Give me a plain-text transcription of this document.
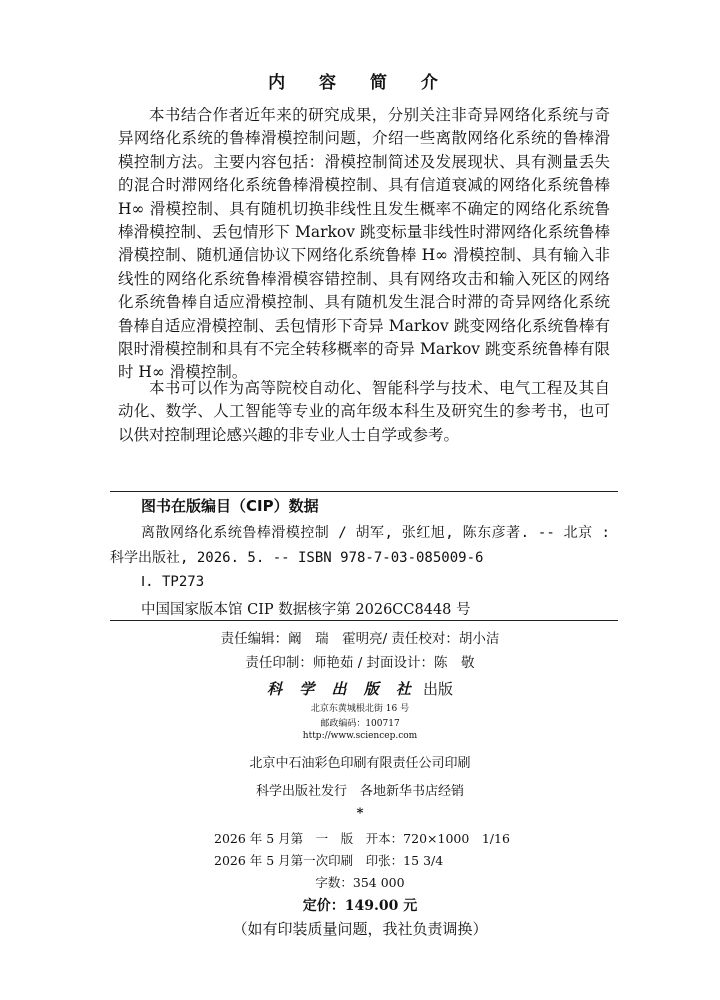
内 容 简 介
本书结合作者近年来的研究成果，分别关注非奇异网络化系统与奇异网络化系统的鲁棒滑模控制问题，介绍一些离散网络化系统的鲁棒滑模控制方法。主要内容包括：滑模控制简述及发展现状、具有测量丢失的混合时滞网络化系统鲁棒滑模控制、具有信道衰减的网络化系统鲁棒 H∞ 滑模控制、具有随机切换非线性且发生概率不确定的网络化系统鲁棒滑模控制、丢包情形下 Markov 跳变标量非线性时滞网络化系统鲁棒滑模控制、随机通信协议下网络化系统鲁棒 H∞ 滑模控制、具有输入非线性的网络化系统鲁棒滑模容错控制、具有网络攻击和输入死区的网络化系统鲁棒自适应滑模控制、具有随机发生混合时滞的奇异网络化系统鲁棒自适应滑模控制、丢包情形下奇异 Markov 跳变网络化系统鲁棒有限时滑模控制和具有不完全转移概率的奇异 Markov 跳变系统鲁棒有限时 H∞ 滑模控制。
本书可以作为高等院校自动化、智能科学与技术、电气工程及其自动化、数学、人工智能等专业的高年级本科生及研究生的参考书，也可以供对控制理论感兴趣的非专业人士自学或参考。
图书在版编目（CIP）数据
离散网络化系统鲁棒滑模控制 / 胡军, 张红旭, 陈东彦著. -- 北京 : 科学出版社, 2026. 5. -- ISBN 978-7-03-085009-6
Ⅰ. TP273
中国国家版本馆 CIP 数据核字第 2026CC8448 号
责任编辑：阚　瑞　霍明亮/ 责任校对：胡小洁
责任印制：师艳茹 / 封面设计：陈　敬
科 学 出 版 社 出版
北京东黄城根北街 16 号
邮政编码：100717
http://www.sciencep.com
北京中石油彩色印刷有限责任公司印刷
科学出版社发行　各地新华书店经销
*
2026 年 5 月第　一　版　开本：720×1000　1/16
2026 年 5 月第一次印刷　印张：15 3/4
字数：354 000
定价：149.00 元
（如有印装质量问题，我社负责调换）
